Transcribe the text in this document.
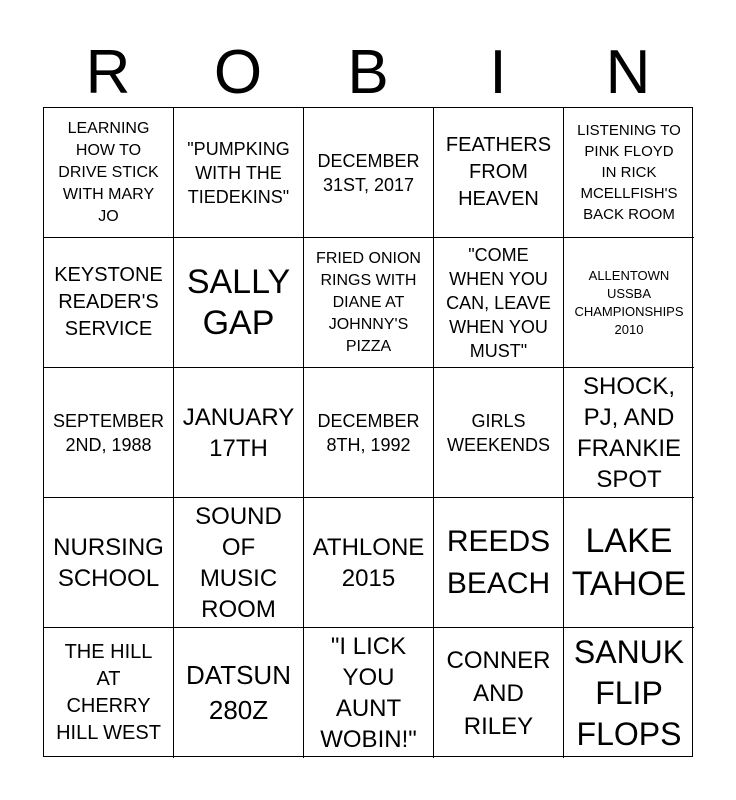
R	O	B	I	N
LEARNING
HOW TO
DRIVE STICK
WITH MARY
JO
"PUMPKING
WITH THE
TIEDEKINS"
DECEMBER
31ST, 2017
FEATHERS
FROM
HEAVEN
LISTENING TO
PINK FLOYD
IN RICK
MCELLFISH'S
BACK ROOM
KEYSTONE
READER'S
SERVICE
SALLY
GAP
FRIED ONION
RINGS WITH
DIANE AT
JOHNNY'S
PIZZA
"COME
WHEN YOU
CAN, LEAVE
WHEN YOU
MUST"
ALLENTOWN
USSBA
CHAMPIONSHIPS
2010
SEPTEMBER
2ND, 1988
JANUARY
17TH
DECEMBER
8TH, 1992
GIRLS
WEEKENDS
SHOCK,
PJ, AND
FRANKIE
SPOT
NURSING
SCHOOL
SOUND
OF
MUSIC
ROOM
ATHLONE
2015
REEDS
BEACH
LAKE
TAHOE
THE HILL
AT
CHERRY
HILL WEST
DATSUN
280Z
"I LICK
YOU
AUNT
WOBIN!"
CONNER
AND
RILEY
SANUK
FLIP
FLOPS
